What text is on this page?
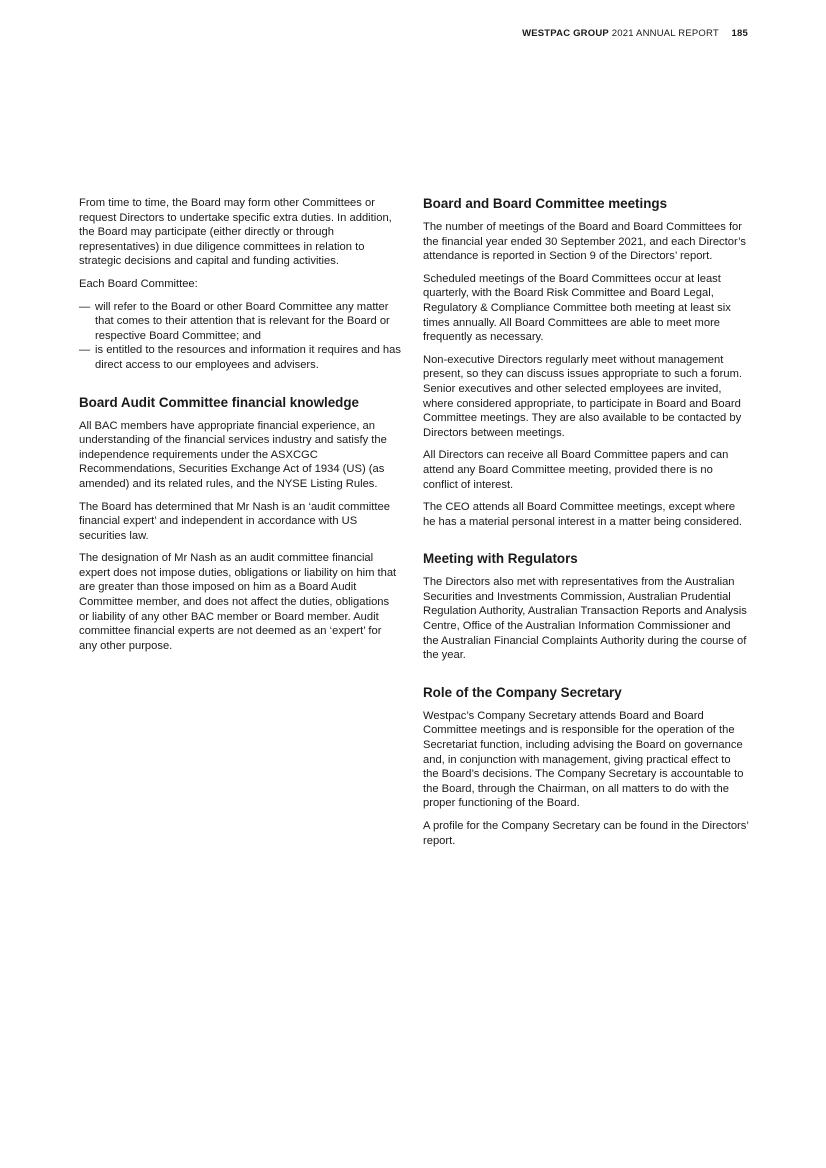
WESTPAC GROUP 2021 ANNUAL REPORT 185

From time to time, the Board may form other Committees or request Directors to undertake specific extra duties. In addition, the Board may participate (either directly or through representatives) in due diligence committees in relation to strategic decisions and capital and funding activities.

Each Board Committee:

— will refer to the Board or other Board Committee any matter that comes to their attention that is relevant for the Board or respective Board Committee; and
— is entitled to the resources and information it requires and has direct access to our employees and advisers.
Board Audit Committee financial knowledge

All BAC members have appropriate financial experience, an understanding of the financial services industry and satisfy the independence requirements under the ASXCGC Recommendations, Securities Exchange Act of 1934 (US) (as amended) and its related rules, and the NYSE Listing Rules.

The Board has determined that Mr Nash is an ‘audit committee financial expert’ and independent in accordance with US securities law.

The designation of Mr Nash as an audit committee financial expert does not impose duties, obligations or liability on him that are greater than those imposed on him as a Board Audit Committee member, and does not affect the duties, obligations or liability of any other BAC member or Board member. Audit committee financial experts are not deemed as an ‘expert’ for any other purpose.

Board and Board Committee meetings

The number of meetings of the Board and Board Committees for the financial year ended 30 September 2021, and each Director’s attendance is reported in Section 9 of the Directors’ report.

Scheduled meetings of the Board Committees occur at least quarterly, with the Board Risk Committee and Board Legal, Regulatory & Compliance Committee both meeting at least six times annually. All Board Committees are able to meet more frequently as necessary.

Non-executive Directors regularly meet without management present, so they can discuss issues appropriate to such a forum. Senior executives and other selected employees are invited, where considered appropriate, to participate in Board and Board Committee meetings. They are also available to be contacted by Directors between meetings.

All Directors can receive all Board Committee papers and can attend any Board Committee meeting, provided there is no conflict of interest.

The CEO attends all Board Committee meetings, except where he has a material personal interest in a matter being considered.

Meeting with Regulators

The Directors also met with representatives from the Australian Securities and Investments Commission, Australian Prudential Regulation Authority, Australian Transaction Reports and Analysis Centre, Office of the Australian Information Commissioner and the Australian Financial Complaints Authority during the course of the year.

Role of the Company Secretary

Westpac’s Company Secretary attends Board and Board Committee meetings and is responsible for the operation of the Secretariat function, including advising the Board on governance and, in conjunction with management, giving practical effect to the Board’s decisions. The Company Secretary is accountable to the Board, through the Chairman, on all matters to do with the proper functioning of the Board.

A profile for the Company Secretary can be found in the Directors’ report.
